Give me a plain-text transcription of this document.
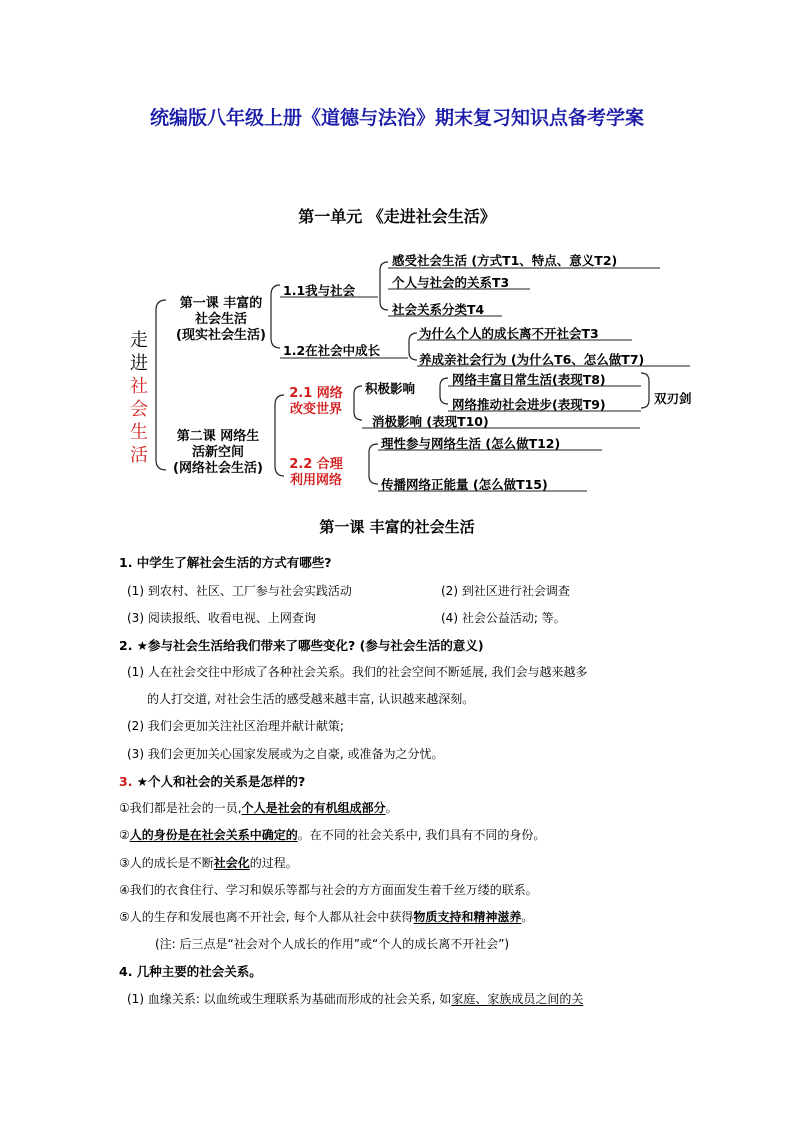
统编版八年级上册《道德与法治》期末复习知识点备考学案
第一单元 《走进社会生活》
走
进
社
会
生
活
第一课 丰富的
社会生活
(现实社会生活)
第二课 网络生
活新空间
(网络社会生活)
1.1我与社会
1.2在社会中成长
感受社会生活 (方式T1、特点、意义T2)
个人与社会的关系T3
社会关系分类T4
为什么个人的成长离不开社会T3
养成亲社会行为 (为什么T6、怎么做T7)
2.1 网络
改变世界
2.2 合理
利用网络
积极影响
网络丰富日常生活(表现T8)
网络推动社会进步(表现T9)	双刃剑
消极影响 (表现T10)
理性参与网络生活 (怎么做T12)
传播网络正能量 (怎么做T15)
第一课 丰富的社会生活
1. 中学生了解社会生活的方式有哪些?
(1) 到农村、社区、工厂参与社会实践活动	(2) 到社区进行社会调查
(3) 阅读报纸、收看电视、上网查询	(4) 社会公益活动; 等。
2. ★参与社会生活给我们带来了哪些变化? (参与社会生活的意义)
(1) 人在社会交往中形成了各种社会关系。我们的社会空间不断延展, 我们会与越来越多
的人打交道, 对社会生活的感受越来越丰富, 认识越来越深刻。
(2) 我们会更加关注社区治理并献计献策;
(3) 我们会更加关心国家发展或为之自豪, 或准备为之分忧。
3. ★个人和社会的关系是怎样的?
①我们都是社会的一员,个人是社会的有机组成部分。
②人的身份是在社会关系中确定的。在不同的社会关系中, 我们具有不同的身份。
③人的成长是不断社会化的过程。
④我们的衣食住行、学习和娱乐等都与社会的方方面面发生着千丝万缕的联系。
⑤人的生存和发展也离不开社会, 每个人都从社会中获得物质支持和精神滋养。
(注: 后三点是“社会对个人成长的作用”或“个人的成长离不开社会”)
4. 几种主要的社会关系。
(1) 血缘关系: 以血统或生理联系为基础而形成的社会关系, 如家庭、家族成员之间的关
